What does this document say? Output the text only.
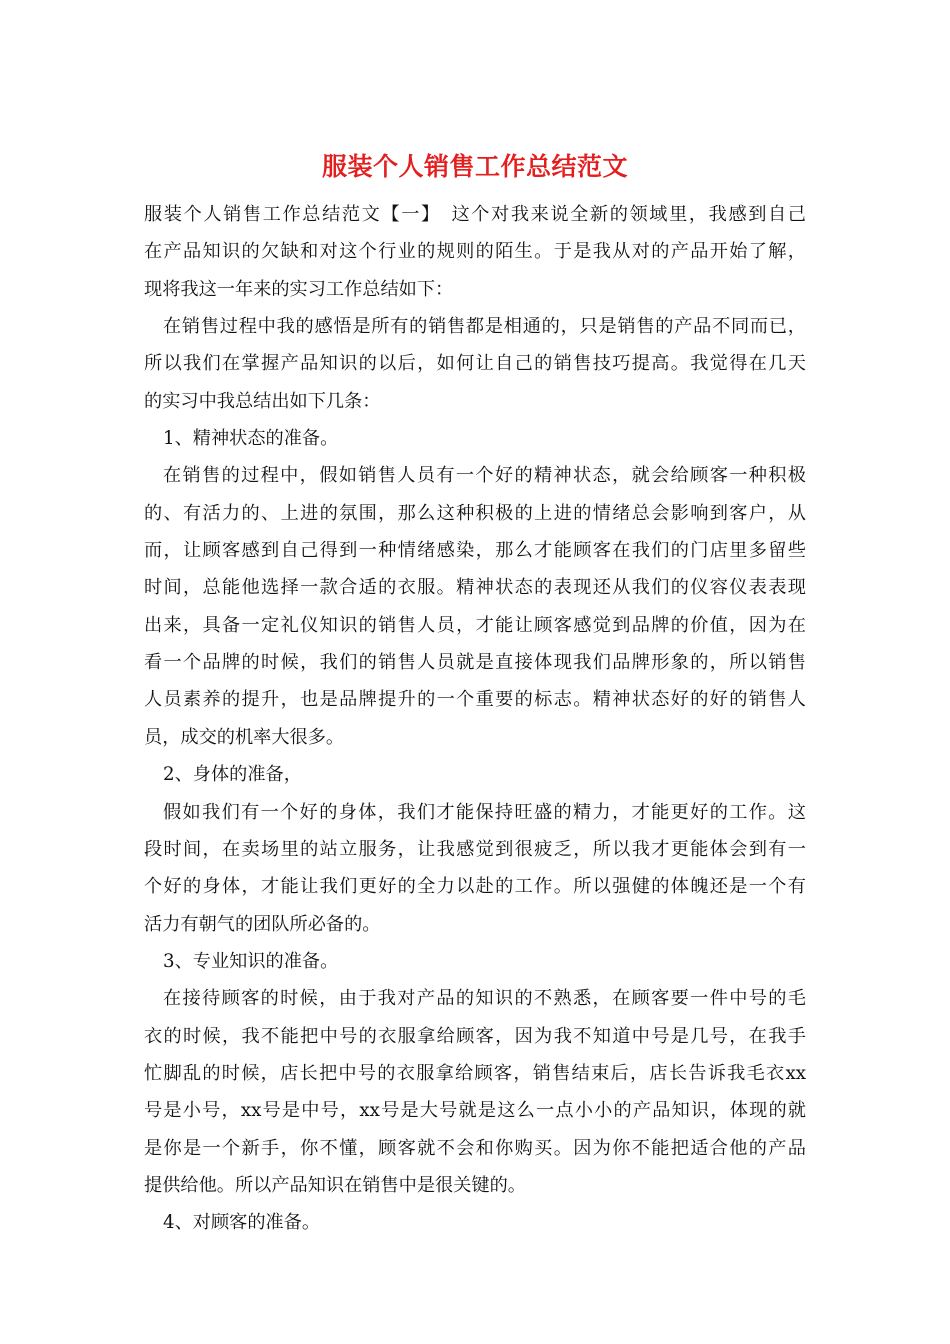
服装个人销售工作总结范文
服装个人销售工作总结范文【一】　这个对我来说全新的领域里，我感到自己
在产品知识的欠缺和对这个行业的规则的陌生。于是我从对的产品开始了解，
现将我这一年来的实习工作总结如下：
在销售过程中我的感悟是所有的销售都是相通的，只是销售的产品不同而已，
所以我们在掌握产品知识的以后，如何让自己的销售技巧提高。我觉得在几天
的实习中我总结出如下几条：
1、精神状态的准备。
在销售的过程中，假如销售人员有一个好的精神状态，就会给顾客一种积极
的、有活力的、上进的氛围，那么这种积极的上进的情绪总会影响到客户，从
而，让顾客感到自己得到一种情绪感染，那么才能顾客在我们的门店里多留些
时间，总能他选择一款合适的衣服。精神状态的表现还从我们的仪容仪表表现
出来，具备一定礼仪知识的销售人员，才能让顾客感觉到品牌的价值，因为在
看一个品牌的时候，我们的销售人员就是直接体现我们品牌形象的，所以销售
人员素养的提升，也是品牌提升的一个重要的标志。精神状态好的好的销售人
员，成交的机率大很多。
2、身体的准备，
假如我们有一个好的身体，我们才能保持旺盛的精力，才能更好的工作。这
段时间，在卖场里的站立服务，让我感觉到很疲乏，所以我才更能体会到有一
个好的身体，才能让我们更好的全力以赴的工作。所以强健的体魄还是一个有
活力有朝气的团队所必备的。
3、专业知识的准备。
在接待顾客的时候，由于我对产品的知识的不熟悉，在顾客要一件中号的毛
衣的时候，我不能把中号的衣服拿给顾客，因为我不知道中号是几号，在我手
忙脚乱的时候，店长把中号的衣服拿给顾客，销售结束后，店长告诉我毛衣xx
号是小号，xx号是中号，xx号是大号就是这么一点小小的产品知识，体现的就
是你是一个新手，你不懂，顾客就不会和你购买。因为你不能把适合他的产品
提供给他。所以产品知识在销售中是很关键的。
4、对顾客的准备。
